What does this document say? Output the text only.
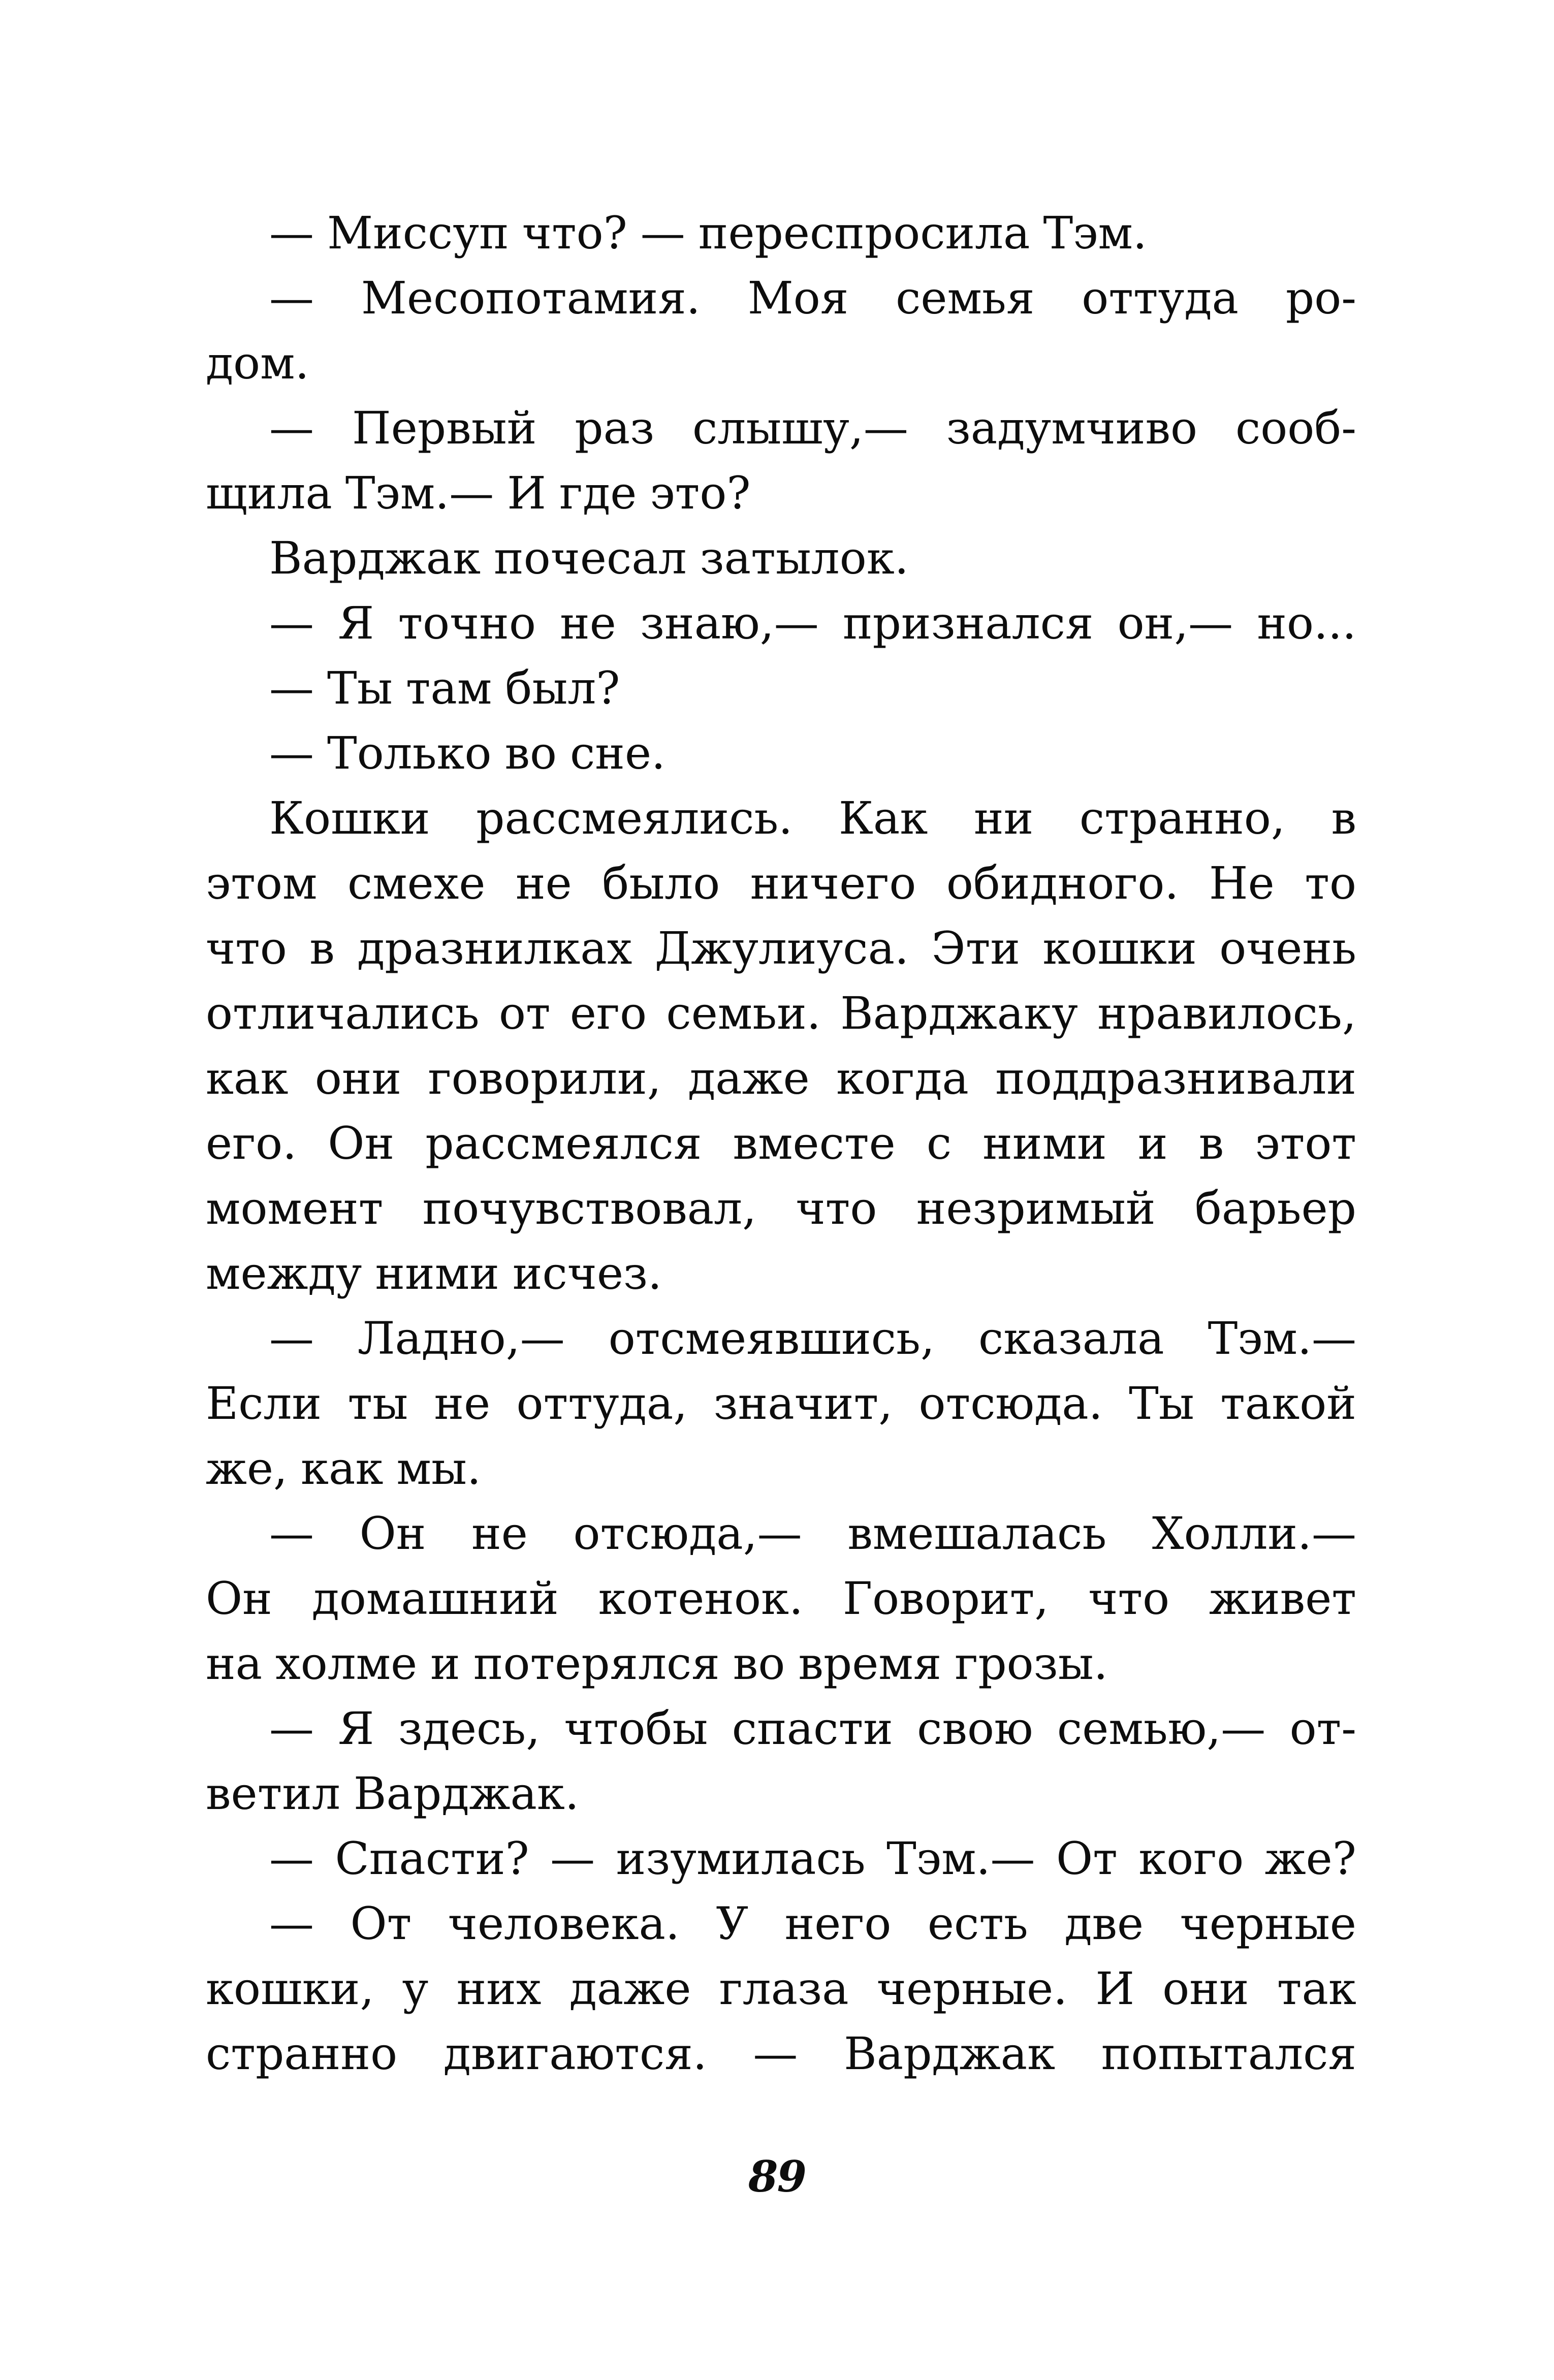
— Миссуп что? — переспросила Тэм.
— Месопотамия. Моя семья оттуда ро-
дом.
— Первый раз слышу,— задумчиво сооб-
щила Тэм.— И где это?
Варджак почесал затылок.
— Я точно не знаю,— признался он,— но...
— Ты там был?
— Только во сне.
Кошки рассмеялись. Как ни странно, в
этом смехе не было ничего обидного. Не то
что в дразнилках Джулиуса. Эти кошки очень
отличались от его семьи. Варджаку нравилось,
как они говорили, даже когда поддразнивали
его. Он рассмеялся вместе с ними и в этот
момент почувствовал, что незримый барьер
между ними исчез.
— Ладно,— отсмеявшись, сказала Тэм.—
Если ты не оттуда, значит, отсюда. Ты такой
же, как мы.
— Он не отсюда,— вмешалась Холли.—
Он домашний котенок. Говорит, что живет
на холме и потерялся во время грозы.
— Я здесь, чтобы спасти свою семью,— от-
ветил Варджак.
— Спасти? — изумилась Тэм.— От кого же?
— От человека. У него есть две черные
кошки, у них даже глаза черные. И они так
странно двигаются. — Варджак попытался
89
